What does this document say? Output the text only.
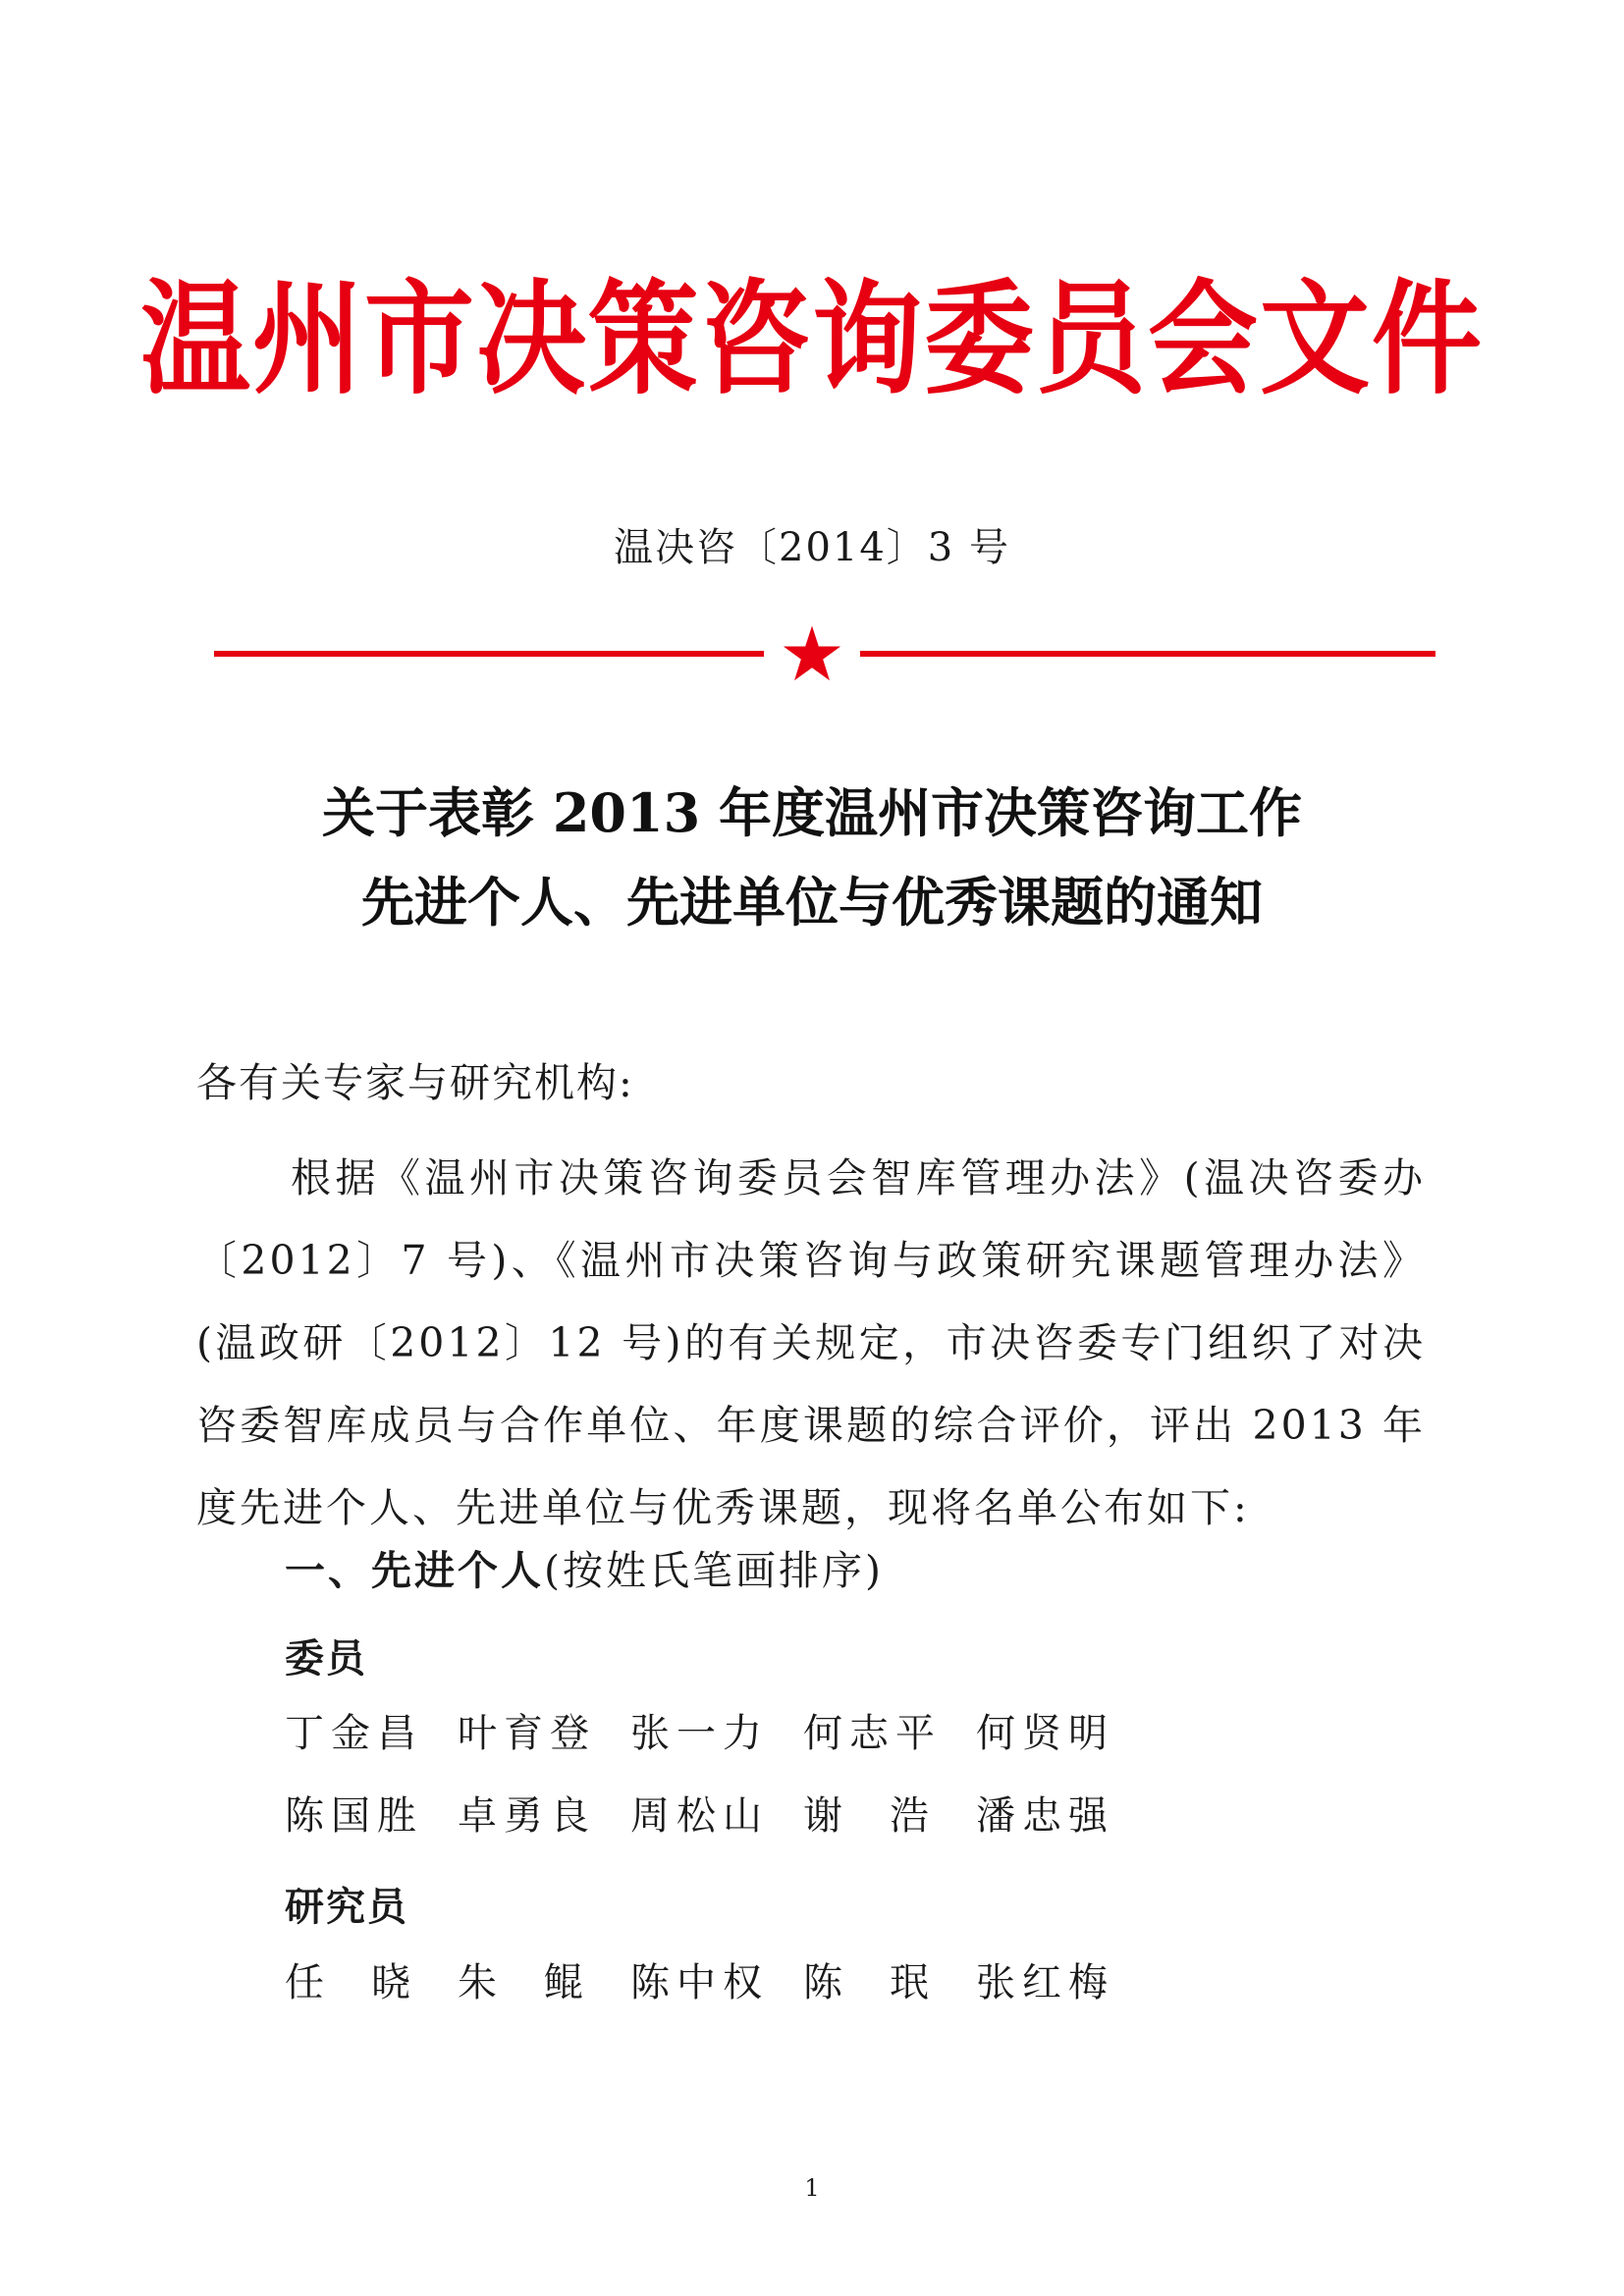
温州市决策咨询委员会文件
温决咨〔2014〕3 号
关于表彰 2013 年度温州市决策咨询工作
先进个人、先进单位与优秀课题的通知
各有关专家与研究机构:
根据《温州市决策咨询委员会智库管理办法》(温决咨委办〔2012〕7 号)、《温州市决策咨询与政策研究课题管理办法》(温政研〔2012〕12 号)的有关规定，市决咨委专门组织了对决咨委智库成员与合作单位、年度课题的综合评价，评出 2013 年度先进个人、先进单位与优秀课题，现将名单公布如下:
一、先进个人(按姓氏笔画排序)
委员
丁金昌 叶育登 张一力 何志平 何贤明
陈国胜 卓勇良 周松山 谢浩 潘忠强
研究员
任晓 朱鲲 陈中权 陈珉 张红梅
1
